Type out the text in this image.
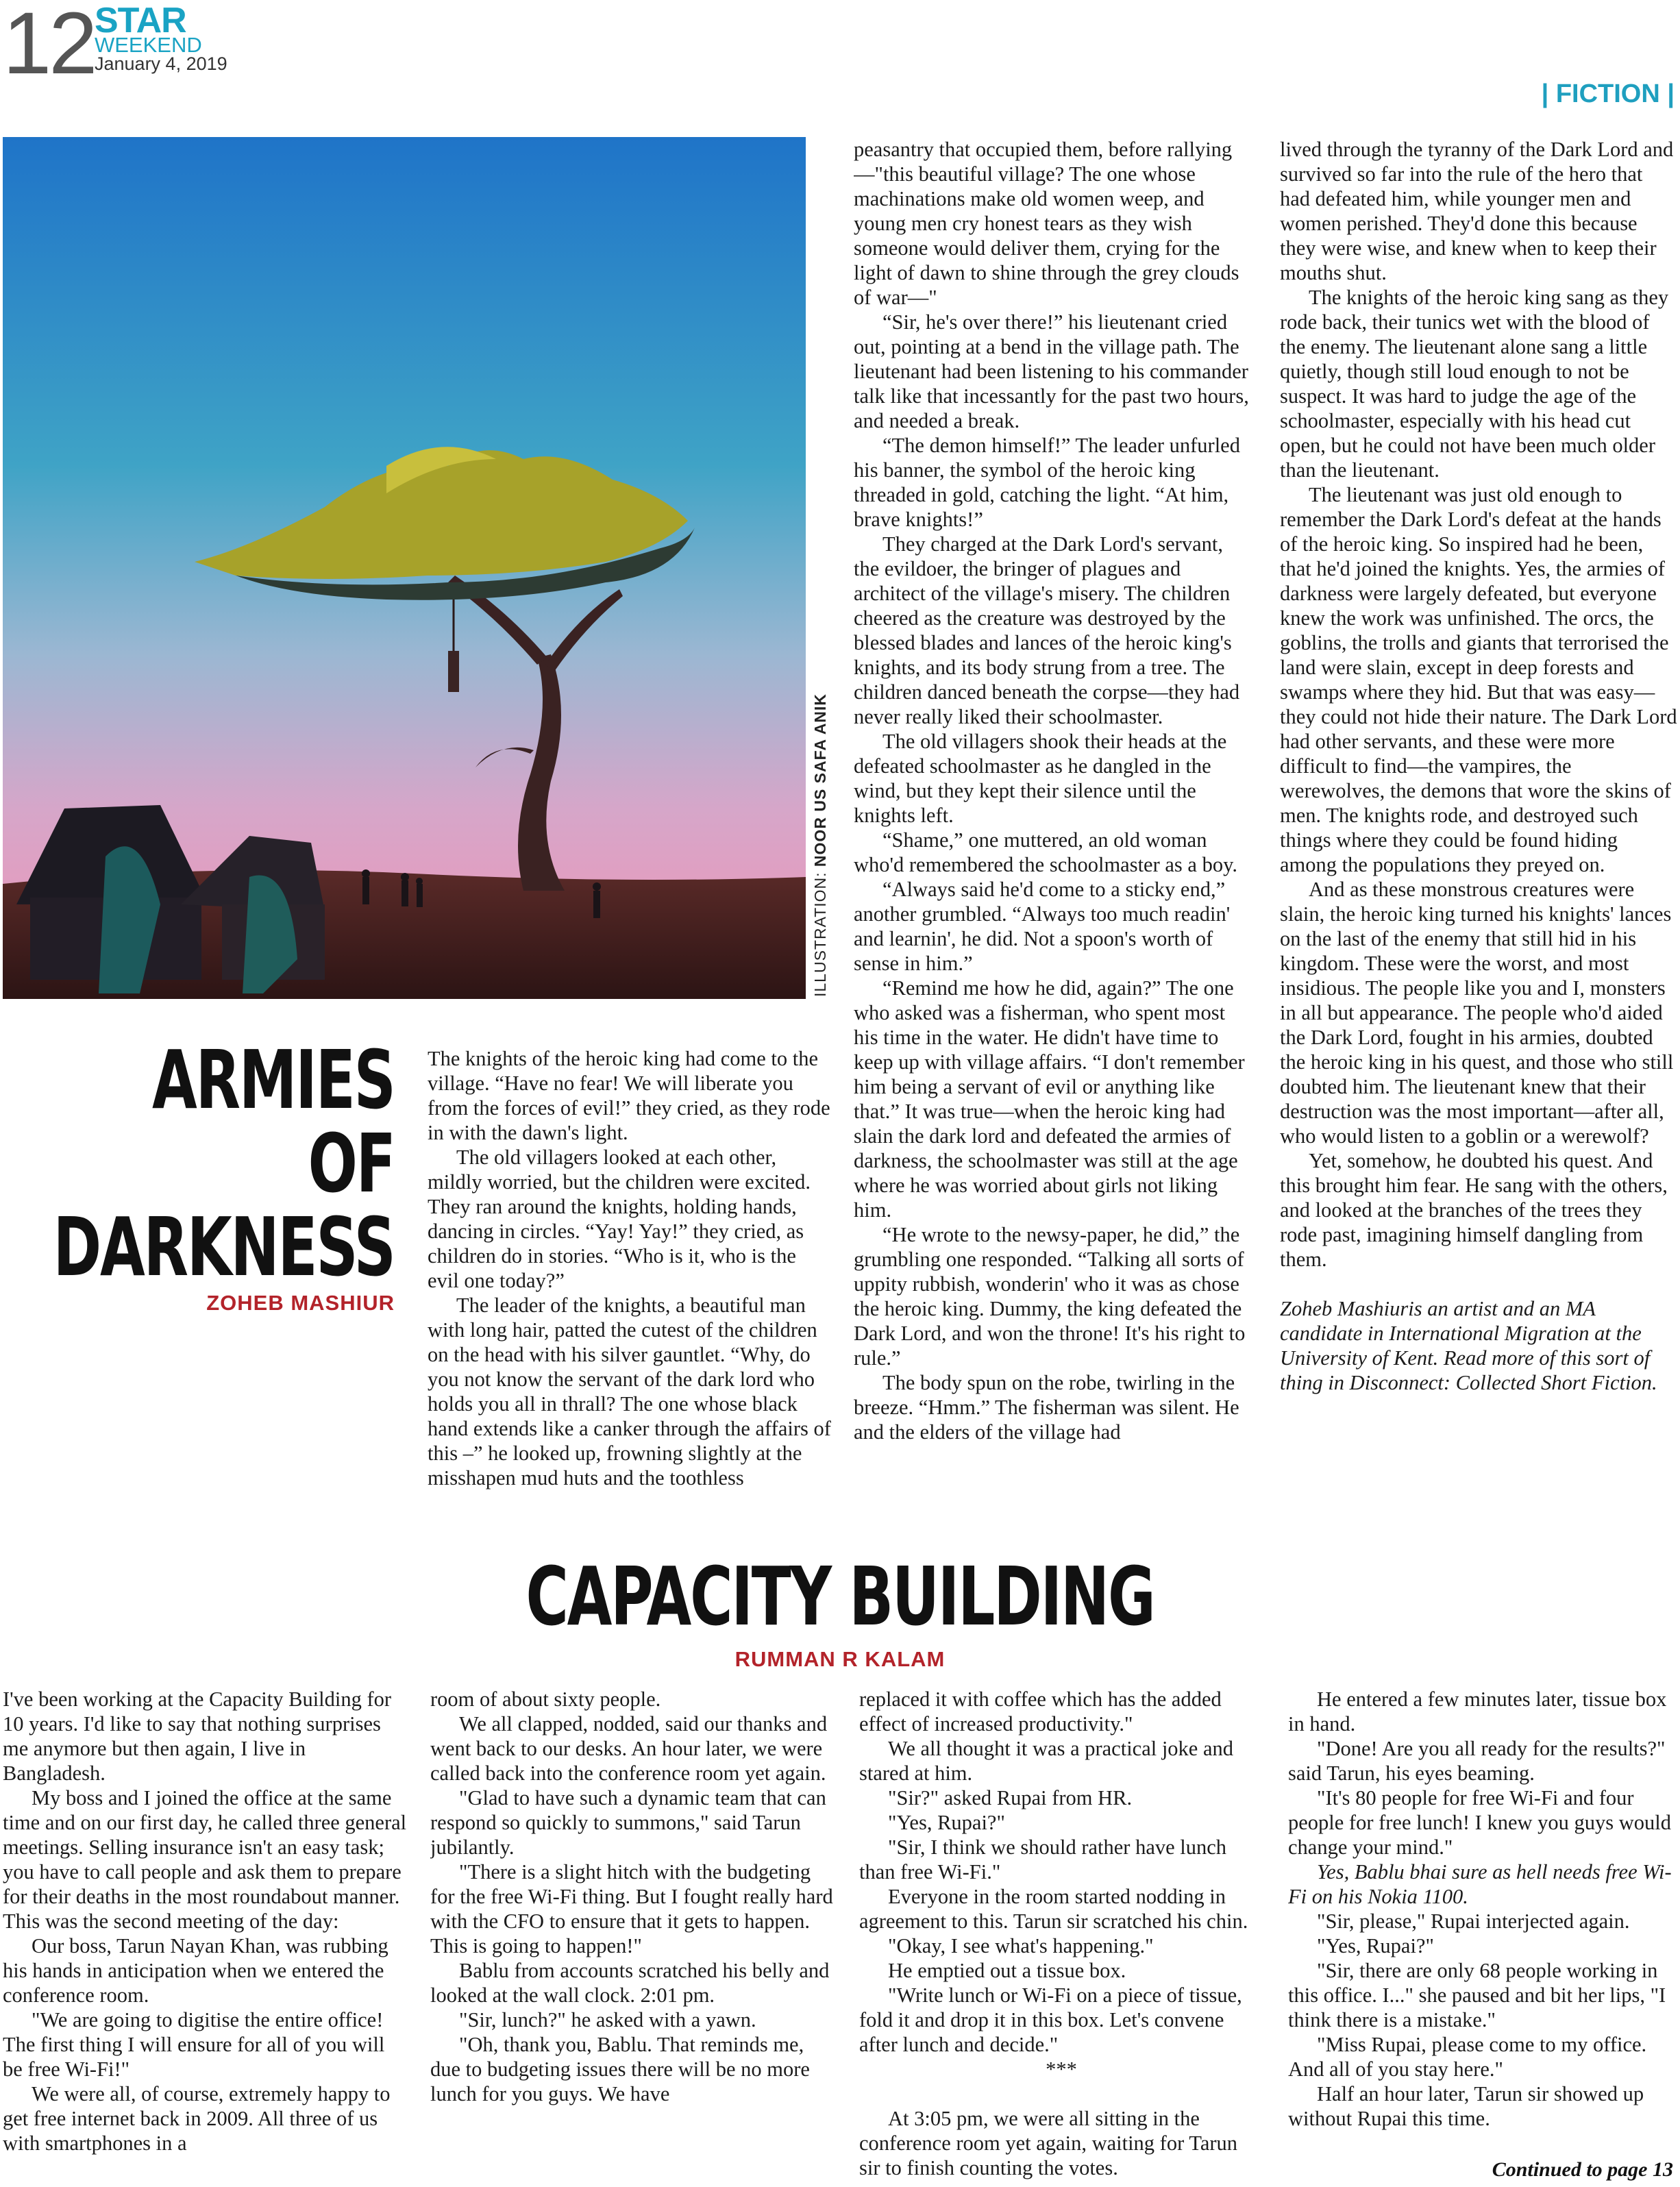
12 STAR
WEEKEND
January 4, 2019
| FICTION |
ILLUSTRATION: NOOR US SAFA ANIK
ARMIES
OF
DARKNESS
ZOHEB MASHIUR

The knights of the heroic king had come to the village. “Have no fear! We will liberate you from the forces of evil!” they cried, as they rode in with the dawn's light.

The old villagers looked at each other, mildly worried, but the children were excited. They ran around the knights, holding hands, dancing in circles. “Yay! Yay!” they cried, as children do in stories. “Who is it, who is the evil one today?”

The leader of the knights, a beautiful man with long hair, patted the cutest of the children on the head with his silver gauntlet. “Why, do you not know the servant of the dark lord who holds you all in thrall? The one whose black hand extends like a canker through the affairs of this –” he looked up, frowning slightly at the misshapen mud huts and the toothless

peasantry that occupied them, before rallying—"this beautiful village? The one whose machinations make old women weep, and young men cry honest tears as they wish someone would deliver them, crying for the light of dawn to shine through the grey clouds of war—"

“Sir, he's over there!” his lieutenant cried out, pointing at a bend in the village path. The lieutenant had been listening to his commander talk like that incessantly for the past two hours, and needed a break.

“The demon himself!” The leader unfurled his banner, the symbol of the heroic king threaded in gold, catching the light. “At him, brave knights!”

They charged at the Dark Lord's servant, the evildoer, the bringer of plagues and architect of the village's misery. The children cheered as the creature was destroyed by the blessed blades and lances of the heroic king's knights, and its body strung from a tree. The children danced beneath the corpse—they had never really liked their schoolmaster.

The old villagers shook their heads at the defeated schoolmaster as he dangled in the wind, but they kept their silence until the knights left.

“Shame,” one muttered, an old woman who'd remembered the schoolmaster as a boy.

“Always said he'd come to a sticky end,” another grumbled. “Always too much readin' and learnin', he did. Not a spoon's worth of sense in him.”

“Remind me how he did, again?” The one who asked was a fisherman, who spent most his time in the water. He didn't have time to keep up with village affairs. “I don't remember him being a servant of evil or anything like that.” It was true—when the heroic king had slain the dark lord and defeated the armies of darkness, the schoolmaster was still at the age where he was worried about girls not liking him.

“He wrote to the newsy-paper, he did,” the grumbling one responded. “Talking all sorts of uppity rubbish, wonderin' who it was as chose the heroic king. Dummy, the king defeated the Dark Lord, and won the throne! It's his right to rule.”

The body spun on the robe, twirling in the breeze. “Hmm.” The fisherman was silent. He and the elders of the village had

lived through the tyranny of the Dark Lord and survived so far into the rule of the hero that had defeated him, while younger men and women perished. They'd done this because they were wise, and knew when to keep their mouths shut.

The knights of the heroic king sang as they rode back, their tunics wet with the blood of the enemy. The lieutenant alone sang a little quietly, though still loud enough to not be suspect. It was hard to judge the age of the schoolmaster, especially with his head cut open, but he could not have been much older than the lieutenant.

The lieutenant was just old enough to remember the Dark Lord's defeat at the hands of the heroic king. So inspired had he been, that he'd joined the knights. Yes, the armies of darkness were largely defeated, but everyone knew the work was unfinished. The orcs, the goblins, the trolls and giants that terrorised the land were slain, except in deep forests and swamps where they hid. But that was easy—they could not hide their nature. The Dark Lord had other servants, and these were more difficult to find—the vampires, the werewolves, the demons that wore the skins of men. The knights rode, and destroyed such things where they could be found hiding among the populations they preyed on.

And as these monstrous creatures were slain, the heroic king turned his knights' lances on the last of the enemy that still hid in his kingdom. These were the worst, and most insidious. The people like you and I, monsters in all but appearance. The people who'd aided the Dark Lord, fought in his armies, doubted the heroic king in his quest, and those who still doubted him. The lieutenant knew that their destruction was the most important—after all, who would listen to a goblin or a werewolf?

Yet, somehow, he doubted his quest. And this brought him fear. He sang with the others, and looked at the branches of the trees they rode past, imagining himself dangling from them.

Zoheb Mashiuris an artist and an MA candidate in International Migration at the University of Kent. Read more of this sort of thing in Disconnect: Collected Short Fiction.

CAPACITY BUILDING
RUMMAN R KALAM

I've been working at the Capacity Building for 10 years. I'd like to say that nothing surprises me anymore but then again, I live in Bangladesh.

My boss and I joined the office at the same time and on our first day, he called three general meetings. Selling insurance isn't an easy task; you have to call people and ask them to prepare for their deaths in the most roundabout manner. This was the second meeting of the day:

Our boss, Tarun Nayan Khan, was rubbing his hands in anticipation when we entered the conference room.

"We are going to digitise the entire office! The first thing I will ensure for all of you will be free Wi-Fi!"

We were all, of course, extremely happy to get free internet back in 2009. All three of us with smartphones in a

room of about sixty people.

We all clapped, nodded, said our thanks and went back to our desks. An hour later, we were called back into the conference room yet again.

"Glad to have such a dynamic team that can respond so quickly to summons," said Tarun jubilantly.

"There is a slight hitch with the budgeting for the free Wi-Fi thing. But I fought really hard with the CFO to ensure that it gets to happen. This is going to happen!"

Bablu from accounts scratched his belly and looked at the wall clock. 2:01 pm.

"Sir, lunch?" he asked with a yawn.

"Oh, thank you, Bablu. That reminds me, due to budgeting issues there will be no more lunch for you guys. We have

replaced it with coffee which has the added effect of increased productivity."

We all thought it was a practical joke and stared at him.

"Sir?" asked Rupai from HR.

"Yes, Rupai?"

"Sir, I think we should rather have lunch than free Wi-Fi."

Everyone in the room started nodding in agreement to this. Tarun sir scratched his chin.

"Okay, I see what's happening."

He emptied out a tissue box.

"Write lunch or Wi-Fi on a piece of tissue, fold it and drop it in this box. Let's convene after lunch and decide."

***

At 3:05 pm, we were all sitting in the conference room yet again, waiting for Tarun sir to finish counting the votes.

He entered a few minutes later, tissue box in hand.

"Done! Are you all ready for the results?" said Tarun, his eyes beaming.

"It's 80 people for free Wi-Fi and four people for free lunch! I knew you guys would change your mind."

Yes, Bablu bhai sure as hell needs free Wi-Fi on his Nokia 1100.

"Sir, please," Rupai interjected again.

"Yes, Rupai?"

"Sir, there are only 68 people working in this office. I..." she paused and bit her lips, "I think there is a mistake."

"Miss Rupai, please come to my office. And all of you stay here."

Half an hour later, Tarun sir showed up without Rupai this time.

Continued to page 13
